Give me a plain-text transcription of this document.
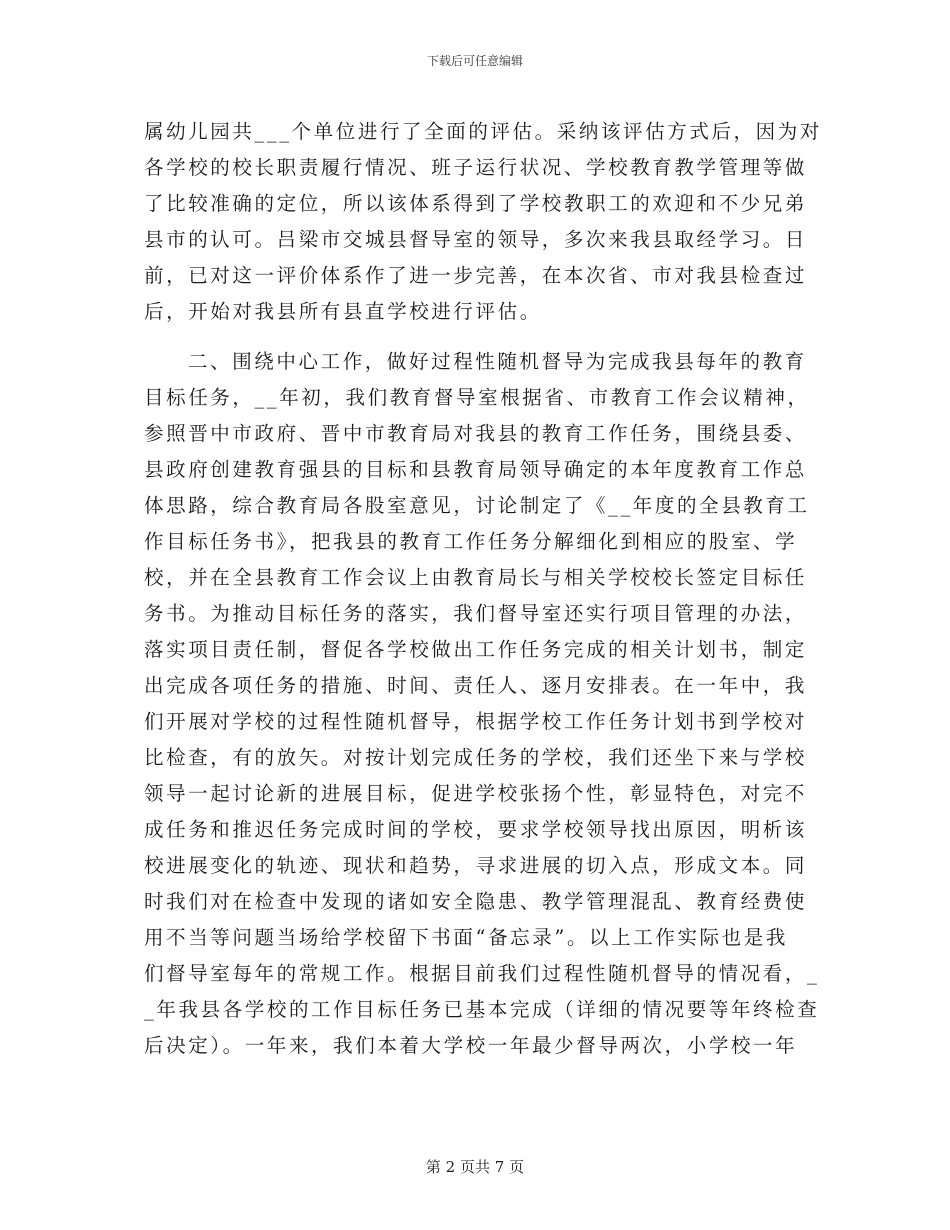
下载后可任意编辑
属幼儿园共___个单位进行了全面的评估。采纳该评估方式后，因为对
各学校的校长职责履行情况、班子运行状况、学校教育教学管理等做
了比较准确的定位，所以该体系得到了学校教职工的欢迎和不少兄弟
县市的认可。吕梁市交城县督导室的领导，多次来我县取经学习。日
前，已对这一评价体系作了进一步完善，在本次省、市对我县检查过
后，开始对我县所有县直学校进行评估。
二、围绕中心工作，做好过程性随机督导为完成我县每年的教育
目标任务，__年初，我们教育督导室根据省、市教育工作会议精神，
参照晋中市政府、晋中市教育局对我县的教育工作任务，围绕县委、
县政府创建教育强县的目标和县教育局领导确定的本年度教育工作总
体思路，综合教育局各股室意见，讨论制定了《__年度的全县教育工
作目标任务书》，把我县的教育工作任务分解细化到相应的股室、学
校，并在全县教育工作会议上由教育局长与相关学校校长签定目标任
务书。为推动目标任务的落实，我们督导室还实行项目管理的办法，
落实项目责任制，督促各学校做出工作任务完成的相关计划书，制定
出完成各项任务的措施、时间、责任人、逐月安排表。在一年中，我
们开展对学校的过程性随机督导，根据学校工作任务计划书到学校对
比检查，有的放矢。对按计划完成任务的学校，我们还坐下来与学校
领导一起讨论新的进展目标，促进学校张扬个性，彰显特色，对完不
成任务和推迟任务完成时间的学校，要求学校领导找出原因，明析该
校进展变化的轨迹、现状和趋势，寻求进展的切入点，形成文本。同
时我们对在检查中发现的诸如安全隐患、教学管理混乱、教育经费使
用不当等问题当场给学校留下书面“备忘录”。以上工作实际也是我
们督导室每年的常规工作。根据目前我们过程性随机督导的情况看，_
_年我县各学校的工作目标任务已基本完成（详细的情况要等年终检查
后决定）。一年来，我们本着大学校一年最少督导两次，小学校一年
第 2 页共 7 页
